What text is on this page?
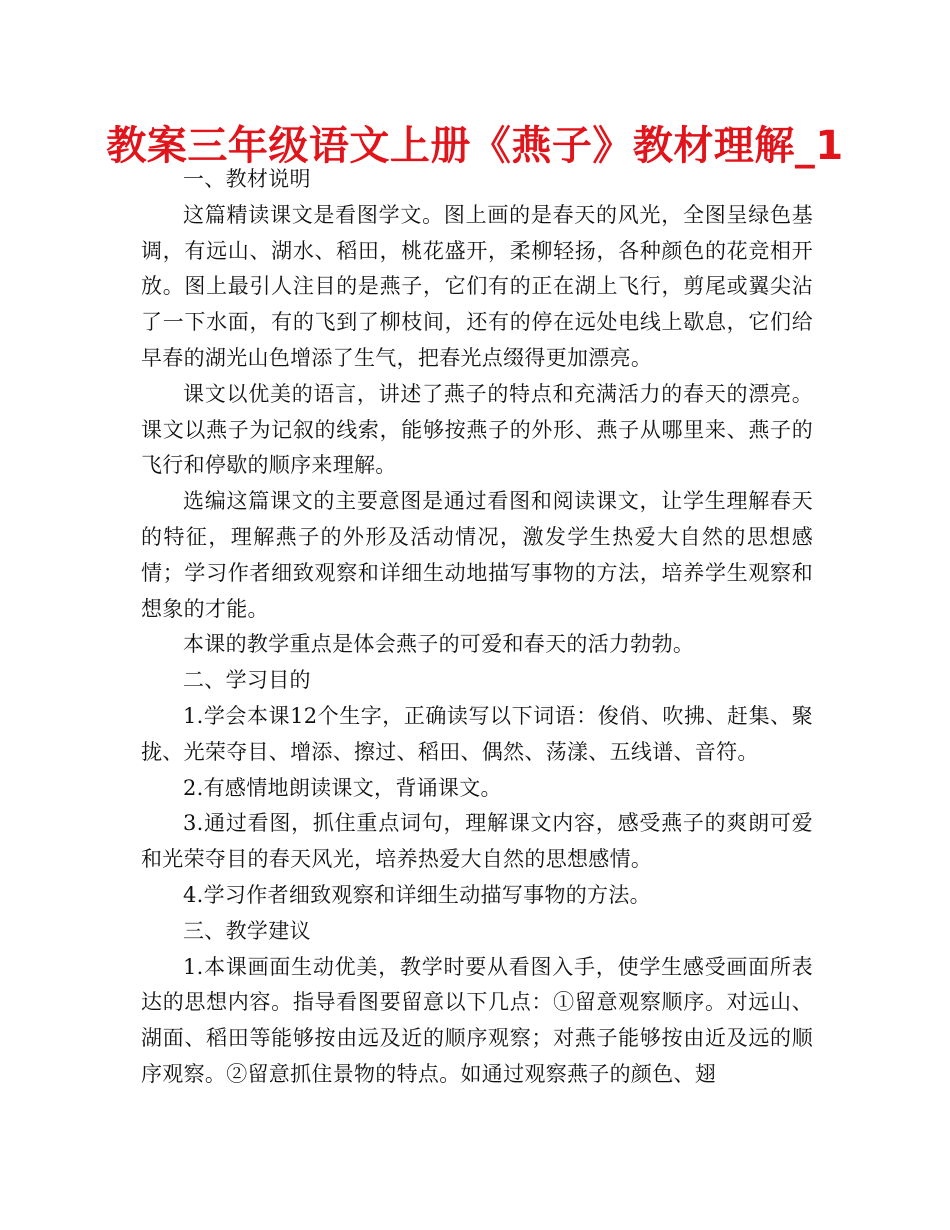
教案三年级语文上册《燕子》教材理解_1

一、教材说明

这篇精读课文是看图学文。图上画的是春天的风光，全图呈绿色基调，有远山、湖水、稻田，桃花盛开，柔柳轻扬，各种颜色的花竞相开放。图上最引人注目的是燕子，它们有的正在湖上飞行，剪尾或翼尖沾了一下水面，有的飞到了柳枝间，还有的停在远处电线上歇息，它们给早春的湖光山色增添了生气，把春光点缀得更加漂亮。

课文以优美的语言，讲述了燕子的特点和充满活力的春天的漂亮。课文以燕子为记叙的线索，能够按燕子的外形、燕子从哪里来、燕子的飞行和停歇的顺序来理解。

选编这篇课文的主要意图是通过看图和阅读课文，让学生理解春天的特征，理解燕子的外形及活动情况，激发学生热爱大自然的思想感情；学习作者细致观察和详细生动地描写事物的方法，培养学生观察和想象的才能。

本课的教学重点是体会燕子的可爱和春天的活力勃勃。

二、学习目的

1.学会本课12个生字，正确读写以下词语：俊俏、吹拂、赶集、聚拢、光荣夺目、增添、擦过、稻田、偶然、荡漾、五线谱、音符。

2.有感情地朗读课文，背诵课文。

3.通过看图，抓住重点词句，理解课文内容，感受燕子的爽朗可爱和光荣夺目的春天风光，培养热爱大自然的思想感情。

4.学习作者细致观察和详细生动描写事物的方法。

三、教学建议

1.本课画面生动优美，教学时要从看图入手，使学生感受画面所表达的思想内容。指导看图要留意以下几点：①留意观察顺序。对远山、湖面、稻田等能够按由远及近的顺序观察；对燕子能够按由近及远的顺序观察。②留意抓住景物的特点。如通过观察燕子的颜色、翅
